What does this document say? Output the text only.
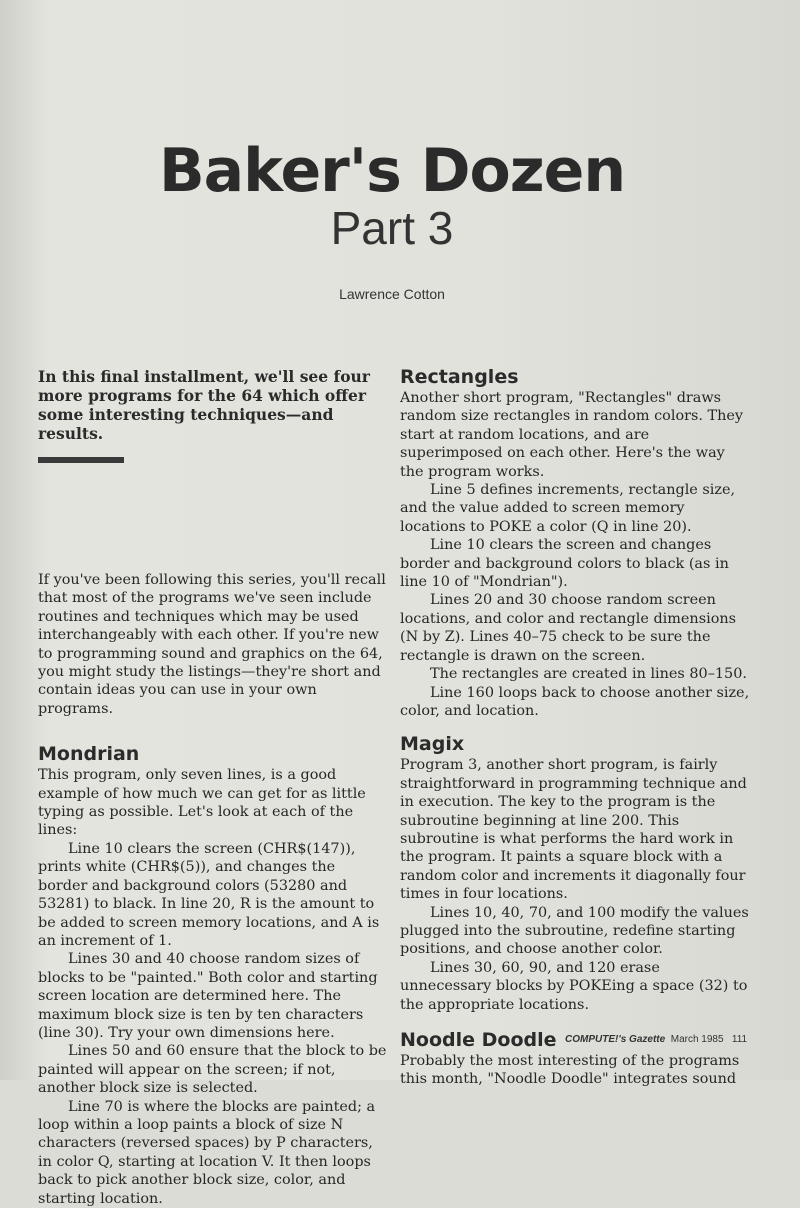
Baker's Dozen
Part 3
Lawrence Cotton
In this final installment, we'll see four more programs for the 64 which offer some interesting techniques—and results.

If you've been following this series, you'll recall that most of the programs we've seen include routines and techniques which may be used interchangeably with each other. If you're new to programming sound and graphics on the 64, you might study the listings—they're short and contain ideas you can use in your own programs.

Mondrian

This program, only seven lines, is a good example of how much we can get for as little typing as possible. Let's look at each of the lines:

Line 10 clears the screen (CHR$(147)), prints white (CHR$(5)), and changes the border and background colors (53280 and 53281) to black. In line 20, R is the amount to be added to screen memory locations, and A is an increment of 1.

Lines 30 and 40 choose random sizes of blocks to be "painted." Both color and starting screen location are determined here. The maximum block size is ten by ten characters (line 30). Try your own dimensions here.

Lines 50 and 60 ensure that the block to be painted will appear on the screen; if not, another block size is selected.

Line 70 is where the blocks are painted; a loop within a loop paints a block of size N characters (reversed spaces) by P characters, in color Q, starting at location V. It then loops back to pick another block size, color, and starting location.

Rectangles

Another short program, "Rectangles" draws random size rectangles in random colors. They start at random locations, and are superimposed on each other. Here's the way the program works.

Line 5 defines increments, rectangle size, and the value added to screen memory locations to POKE a color (Q in line 20).

Line 10 clears the screen and changes border and background colors to black (as in line 10 of "Mondrian").

Lines 20 and 30 choose random screen locations, and color and rectangle dimensions (N by Z). Lines 40–75 check to be sure the rectangle is drawn on the screen.

The rectangles are created in lines 80–150.

Line 160 loops back to choose another size, color, and location.

Magix

Program 3, another short program, is fairly straightforward in programming technique and in execution. The key to the program is the subroutine beginning at line 200. This subroutine is what performs the hard work in the program. It paints a square block with a random color and increments it diagonally four times in four locations.

Lines 10, 40, 70, and 100 modify the values plugged into the subroutine, redefine starting positions, and choose another color.

Lines 30, 60, 90, and 120 erase unnecessary blocks by POKEing a space (32) to the appropriate locations.

Noodle Doodle

Probably the most interesting of the programs this month, "Noodle Doodle" integrates sound

COMPUTE!'s Gazette March 1985 111
